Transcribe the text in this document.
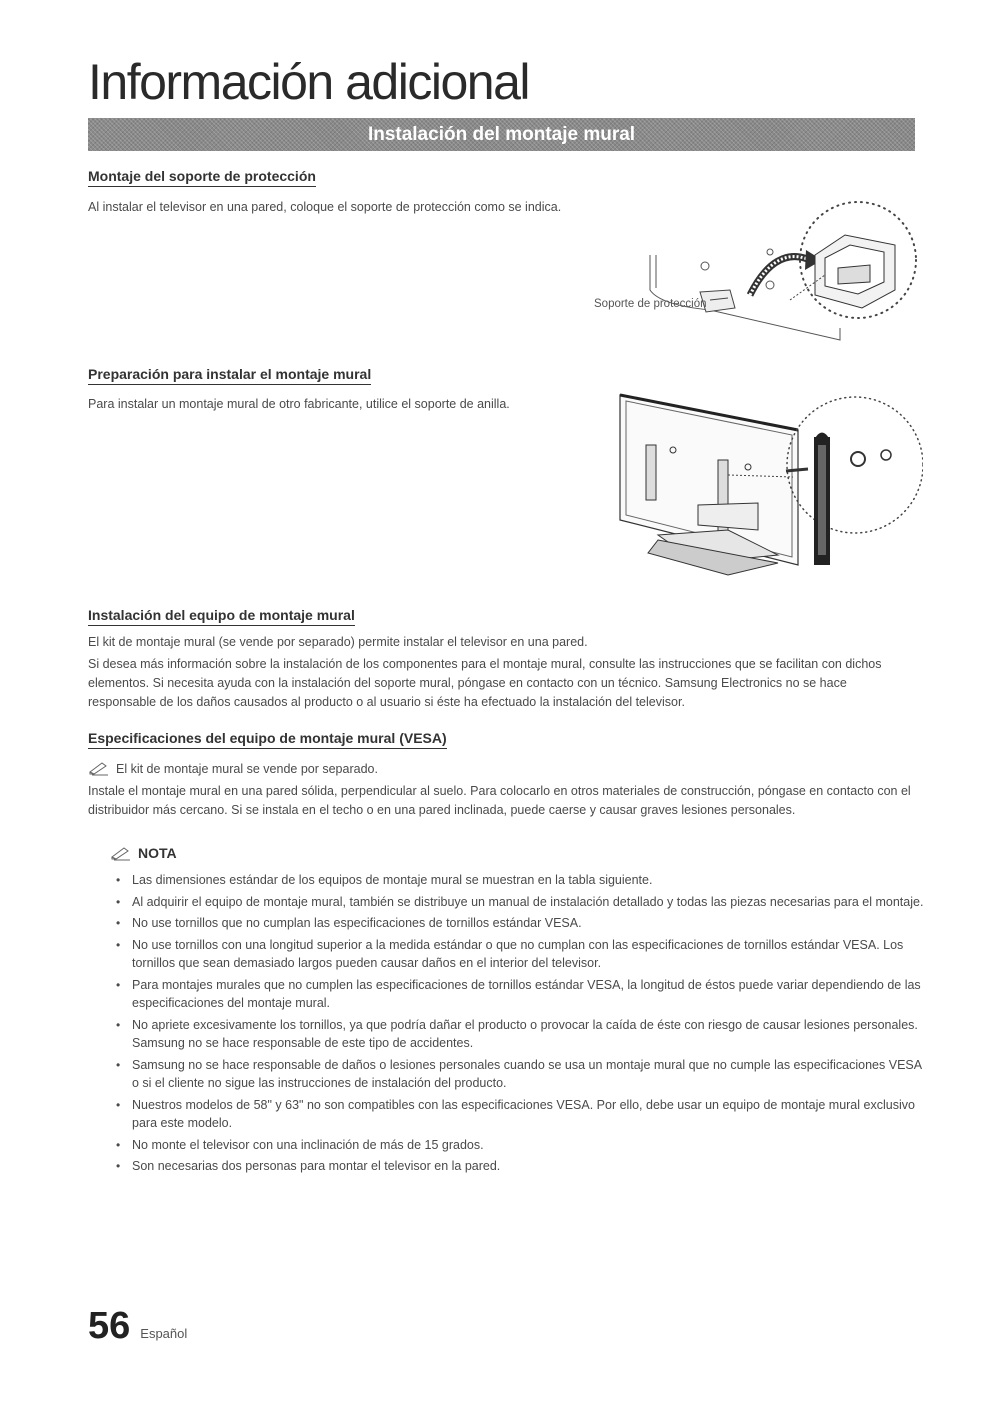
Información adicional
Instalación del montaje mural
Montaje del soporte de protección

Al instalar el televisor en una pared, coloque el soporte de protección como se indica.

Soporte de protección
Preparación para instalar el montaje mural

Para instalar un montaje mural de otro fabricante, utilice el soporte de anilla.

Instalación del equipo de montaje mural

El kit de montaje mural (se vende por separado) permite instalar el televisor en una pared.

Si desea más información sobre la instalación de los componentes para el montaje mural, consulte las instrucciones que se facilitan con dichos elementos. Si necesita ayuda con la instalación del soporte mural, póngase en contacto con un técnico. Samsung Electronics no se hace responsable de los daños causados al producto o al usuario si éste ha efectuado la instalación del televisor.

Especificaciones del equipo de montaje mural (VESA)
El kit de montaje mural se vende por separado.

Instale el montaje mural en una pared sólida, perpendicular al suelo. Para colocarlo en otros materiales de construcción, póngase en contacto con el distribuidor más cercano. Si se instala en el techo o en una pared inclinada, puede caerse y causar graves lesiones personales.

NOTA
• Las dimensiones estándar de los equipos de montaje mural se muestran en la tabla siguiente.
• Al adquirir el equipo de montaje mural, también se distribuye un manual de instalación detallado y todas las piezas necesarias para el montaje.
• No use tornillos que no cumplan las especificaciones de tornillos estándar VESA.
• No use tornillos con una longitud superior a la medida estándar o que no cumplan con las especificaciones de tornillos estándar VESA. Los tornillos que sean demasiado largos pueden causar daños en el interior del televisor.
• Para montajes murales que no cumplen las especificaciones de tornillos estándar VESA, la longitud de éstos puede variar dependiendo de las especificaciones del montaje mural.
• No apriete excesivamente los tornillos, ya que podría dañar el producto o provocar la caída de éste con riesgo de causar lesiones personales. Samsung no se hace responsable de este tipo de accidentes.
• Samsung no se hace responsable de daños o lesiones personales cuando se usa un montaje mural que no cumple las especificaciones VESA o si el cliente no sigue las instrucciones de instalación del producto.
• Nuestros modelos de 58" y 63" no son compatibles con las especificaciones VESA. Por ello, debe usar un equipo de montaje mural exclusivo para este modelo.
• No monte el televisor con una inclinación de más de 15 grados.
• Son necesarias dos personas para montar el televisor en la pared.
56 Español
